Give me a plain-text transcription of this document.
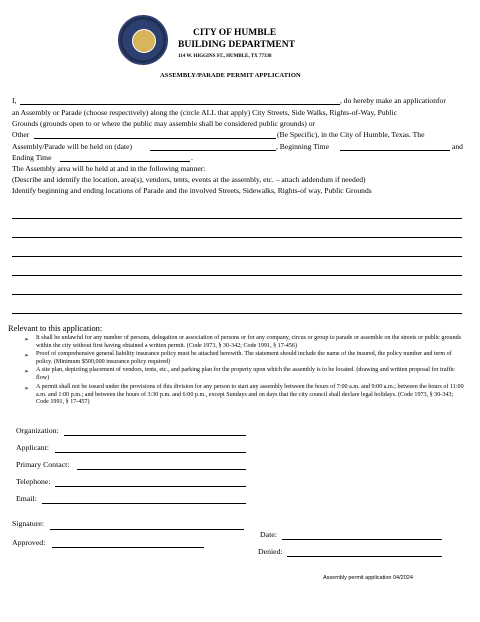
CITY OF HUMBLE
BUILDING DEPARTMENT
114 W. HIGGINS ST., HUMBLE, TX 77338
ASSEMBLY/PARADE PERMIT APPLICATION
I,	, do hereby make an applicationfor
an Assembly or Parade (choose respectively) along the (circle ALL that apply) City Streets, Side Walks, Rights-of-Way, Public
Grounds (grounds open to or where the public may assemble shall be considered public grounds) or
Other	(Be Specific), in the City of Humble, Texas. The
Assembly/Parade will be held on (date)	, Beginning Time	and
Ending Time	.
The Assembly area will be held at and in the following manner:
(Describe and identify the location, area(s), vendors, tents, events at the assembly, etc. – attach addendum if needed)
Identify beginning and ending locations of Parade and the involved Streets, Sidewalks, Rights-of way, Public Grounds
Relevant to this application:
➢ It shall be unlawful for any number of persons, delegation or association of persons or for any company, circus or group to parade or assemble on the streets or public grounds within the city without first having obtained a written permit. (Code 1973, § 30-342; Code 1991, § 17-456)
➢ Proof of comprehensive general liability insurance policy must be attached herewith. The statement should include the name of the insured, the policy number and term of policy. (Minimum $500,000 insurance policy required)
➢ A site plan, depicting placement of vendors, tents, etc., and parking plan for the property upon which the assembly is to be located. (drawing and written proposal for traffic flow)
➢ A permit shall not be issued under the provisions of this division for any person to start any assembly between the hours of 7:00 a.m. and 9:00 a.m.; between the hours of 11:00 a.m. and 1:00 p.m.; and between the hours of 3:30 p.m. and 6:00 p.m., except Sundays and on days that the city council shall declare legal holidays. (Code 1973, § 30-343; Code 1991, § 17-457)
Organization:
Applicant:
Primary Contact:
Telephone:
Email:
Signature:
Approved:
Date:
Denied:
Assembly permit application 04/2024
